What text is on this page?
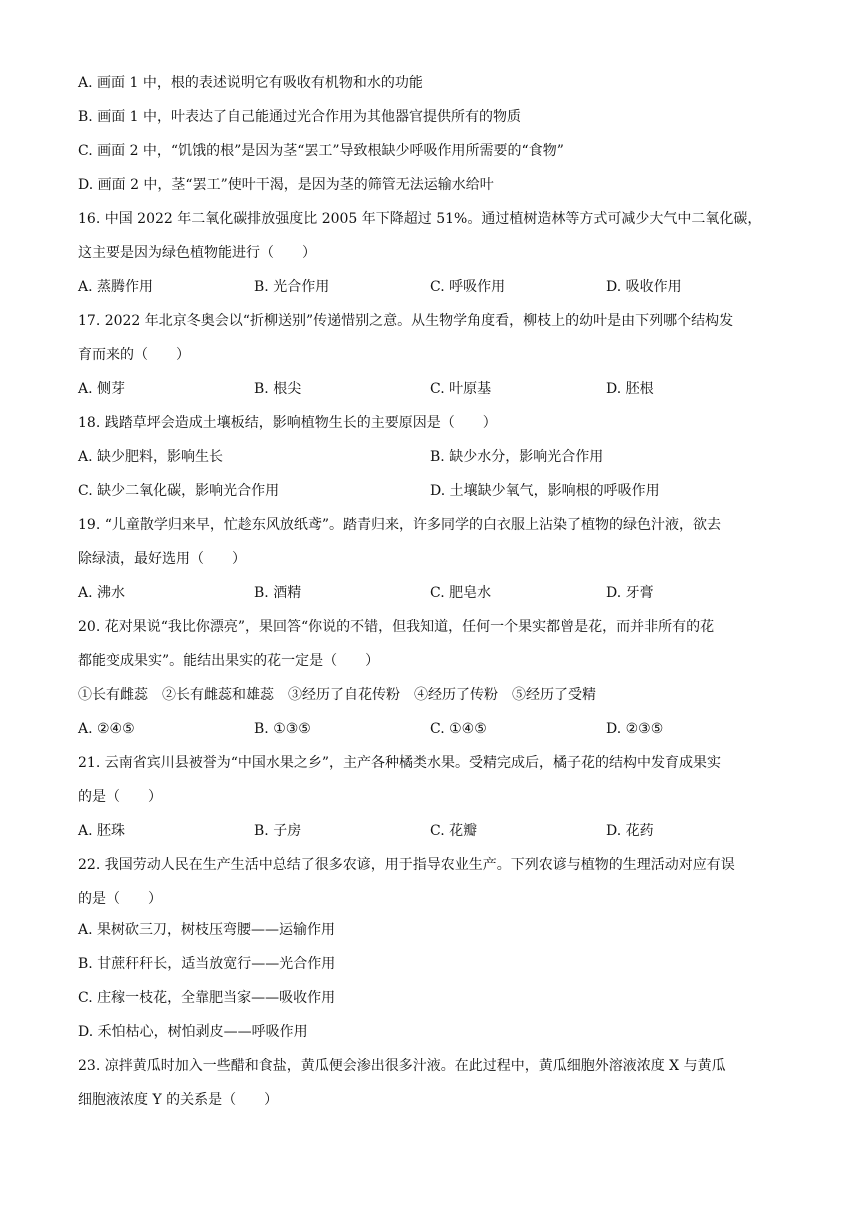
A. 画面 1 中，根的表述说明它有吸收有机物和水的功能
B. 画面 1 中，叶表达了自己能通过光合作用为其他器官提供所有的物质
C. 画面 2 中，“饥饿的根”是因为茎“罢工”导致根缺少呼吸作用所需要的“食物”
D. 画面 2 中，茎“罢工”使叶干渴，是因为茎的筛管无法运输水给叶
16. 中国 2022 年二氧化碳排放强度比 2005 年下降超过 51%。通过植树造林等方式可减少大气中二氧化碳，
这主要是因为绿色植物能进行（　　）
A. 蒸腾作用	B. 光合作用	C. 呼吸作用	D. 吸收作用
17. 2022 年北京冬奥会以“折柳送别”传递惜别之意。从生物学角度看，柳枝上的幼叶是由下列哪个结构发
育而来的（　　）
A. 侧芽	B. 根尖	C. 叶原基	D. 胚根
18. 践踏草坪会造成土壤板结，影响植物生长的主要原因是（　　）
A. 缺少肥料，影响生长	B. 缺少水分，影响光合作用
C. 缺少二氧化碳，影响光合作用	D. 土壤缺少氧气，影响根的呼吸作用
19. “儿童散学归来早，忙趁东风放纸鸢”。踏青归来，许多同学的白衣服上沾染了植物的绿色汁液，欲去
除绿渍，最好选用（　　）
A. 沸水	B. 酒精	C. 肥皂水	D. 牙膏
20. 花对果说“我比你漂亮”，果回答“你说的不错，但我知道，任何一个果实都曾是花，而并非所有的花
都能变成果实”。能结出果实的花一定是（　　）
①长有雌蕊　②长有雌蕊和雄蕊　③经历了自花传粉　④经历了传粉　⑤经历了受精
A. ②④⑤	B. ①③⑤	C. ①④⑤	D. ②③⑤
21. 云南省宾川县被誉为“中国水果之乡”，主产各种橘类水果。受精完成后，橘子花的结构中发育成果实
的是（　　）
A. 胚珠	B. 子房	C. 花瓣	D. 花药
22. 我国劳动人民在生产生活中总结了很多农谚，用于指导农业生产。下列农谚与植物的生理活动对应有误
的是（　　）
A. 果树砍三刀，树枝压弯腰——运输作用
B. 甘蔗秆秆长，适当放宽行——光合作用
C. 庄稼一枝花，全靠肥当家——吸收作用
D. 禾怕枯心，树怕剥皮——呼吸作用
23. 凉拌黄瓜时加入一些醋和食盐，黄瓜便会渗出很多汁液。在此过程中，黄瓜细胞外溶液浓度 X 与黄瓜
细胞液浓度 Y 的关系是（　　）
